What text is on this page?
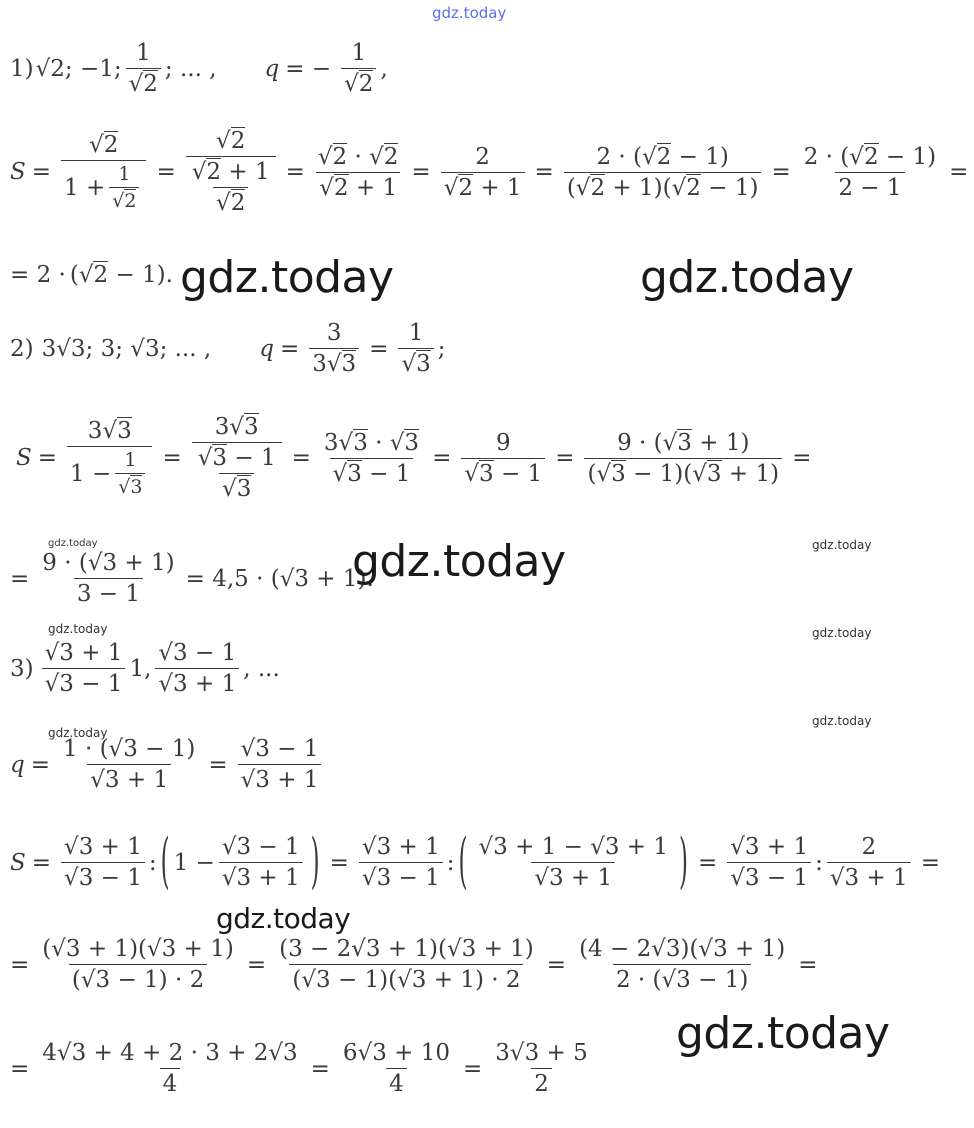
gdz.today
1) √2; −1; $\frac{1}{√2}$ ; ... , q = − $\frac{1}{√2}$ ,
S = √2
1
+ $\frac{1}{√2} = \frac{√2}{\frac{√2 + 1}{√2}} = \frac{√2 \cdot √2}{√2 + 1} = \frac{2}{√2 + 1} = \frac{2 \cdot (√2 - 1)}{(√2 + 1)(√2 - 1)} = \frac{2 \cdot (√2 - 1)}{2 - 1}$ =
= 2 · (√2 − 1) . gdz.today	gdz.today
2) 3√3; 3; √3; ... , $q = \frac{3}{3√3} = \frac{1}{√3}$ ;
S = 3√3
1
− $\frac{1}{√3} = \frac{3√3}{\frac{√3 - 1}{√3}} = \frac{3√3 \cdot √3}{√3 - 1} = \frac{9}{√3 - 1} = \frac{9 \cdot (√3 + 1)}{(√3 - 1)(√3 + 1)}$ =
= $\frac{9 \cdot (√3 + 1)}{3 - 1} = 4,5 \cdot (√3 + 1)$.
gdz.today	gdz.today	gdz.today
gdz.today	gdz.today
$3) \frac{√3 + 1}{√3 - 1} 1$, $\frac{√3 - 1}{√3 + 1}$ , ...
gdz.today
gdz.today
$q = \frac{1 \cdot (√3 - 1)}{√3 + 1} = \frac{√3 - 1}{√3 + 1}$
$S = \frac{√3 + 1}{√3 - 1}$ : ( $1 - \frac{√3 - 1}{√3 + 1}$ ) = $\frac{√3 + 1}{√3 - 1}$ : ( $\frac{√3 + 1 - √3 + 1}{√3 + 1}$ ) = $\frac{√3 + 1}{√3 - 1}$ : $\frac{2}{√3 + 1}$ =
gdz.today
= $\frac{(√3 + 1)(√3 + 1)}{(√3 - 1) \cdot 2} = \frac{(3 - 2√3 + 1)(√3 + 1)}{(√3 - 1)(√3 + 1) \cdot 2} = \frac{(4 - 2√3)(√3 + 1)}{2 \cdot (√3 - 1)}$ =
= $\frac{4√3 + 4 + 2 \cdot 3 + 2√3}{4} = \frac{6√3 + 10}{4} = \frac{3√3 + 5}{2}$
gdz.today
